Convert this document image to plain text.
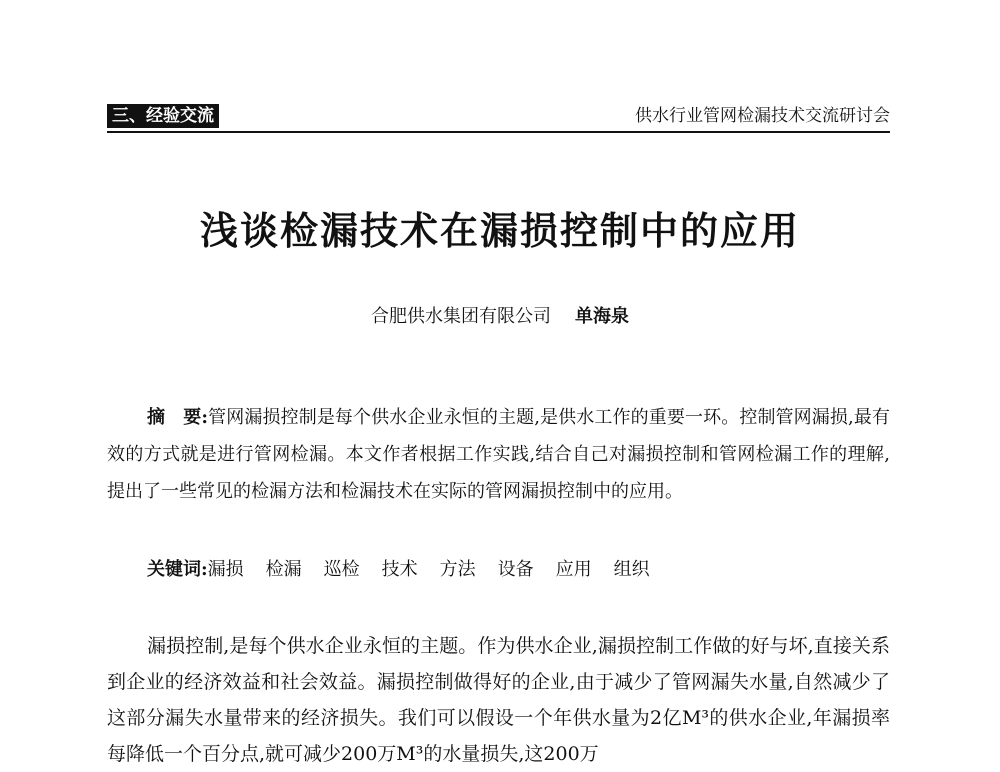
三、经验交流	供水行业管网检漏技术交流研讨会
浅谈检漏技术在漏损控制中的应用
合肥供水集团有限公司 单海泉

摘　要:管网漏损控制是每个供水企业永恒的主题,是供水工作的重要一环。控制管网漏损,最有效的方式就是进行管网检漏。本文作者根据工作实践,结合自己对漏损控制和管网检漏工作的理解,提出了一些常见的检漏方法和检漏技术在实际的管网漏损控制中的应用。

关键词:漏损 检漏 巡检 技术 方法 设备 应用 组织

漏损控制,是每个供水企业永恒的主题。作为供水企业,漏损控制工作做的好与坏,直接关系到企业的经济效益和社会效益。漏损控制做得好的企业,由于减少了管网漏失水量,自然减少了这部分漏失水量带来的经济损失。我们可以假设一个年供水量为2亿M³的供水企业,年漏损率每降低一个百分点,就可减少200万M³的水量损失,这200万
